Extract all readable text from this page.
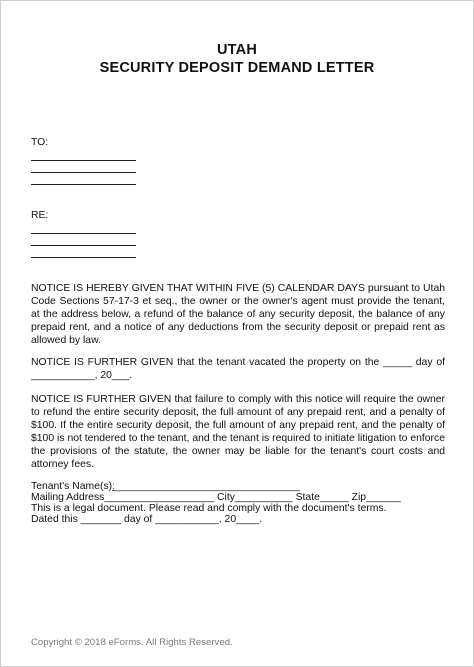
UTAH
SECURITY DEPOSIT DEMAND LETTER
TO:
RE:
NOTICE IS HEREBY GIVEN THAT WITHIN FIVE (5) CALENDAR DAYS pursuant to Utah Code Sections 57-17-3 et seq., the owner or the owner's agent must provide the tenant, at the address below, a refund of the balance of any security deposit, the balance of any prepaid rent, and a notice of any deductions from the security deposit or prepaid rent as allowed by law.
NOTICE IS FURTHER GIVEN that the tenant vacated the property on the _____ day of ___________, 20___.
NOTICE IS FURTHER GIVEN that failure to comply with this notice will require the owner to refund the entire security deposit, the full amount of any prepaid rent, and a penalty of $100. If the entire security deposit, the full amount of any prepaid rent, and the penalty of $100 is not tendered to the tenant, and the tenant is required to initiate litigation to enforce the provisions of the statute, the owner may be liable for the tenant's court costs and attorney fees.
Tenant's Name(s):________________________________
Mailing Address___________________ City__________ State_____ Zip______
This is a legal document. Please read and comply with the document's terms.
Dated this _______ day of ___________, 20____.
Copyright © 2018 eForms. All Rights Reserved.
